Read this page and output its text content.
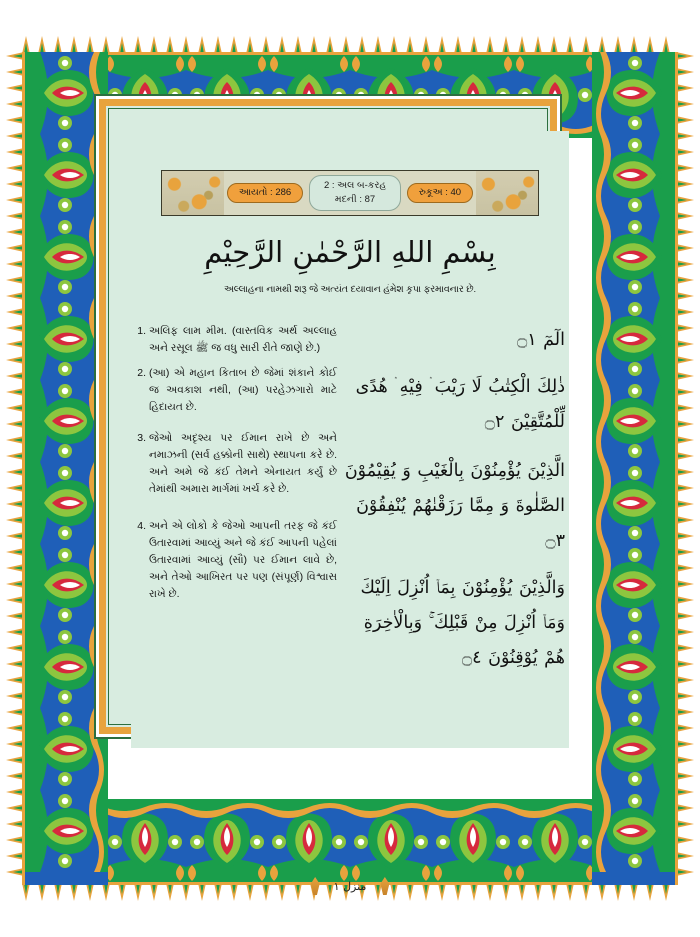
આયતો : 286
2 : અલ બ-કરહ
મદની : 87
રુકૂઅ : 40
بِسْمِ اللهِ الرَّحْمٰنِ الرَّحِيْمِ
અલ્લાહના નામથી શરૂ જે અત્યંત દયાવાન હંમેશ કૃપા ફરમાવનાર છે.
1. અલિફ લામ મીમ. (વાસ્તવિક અર્થ અલ્લાહ અને રસૂલ ﷺ જ વધુ સારી રીતે જાણે છે.)
2. (આ) એ મહાન કિતાબ છે જેમાં શંકાને કોઈ જ અવકાશ નથી, (આ) પરહેઝગારો માટે હિદાયત છે.
3. જેઓ અદૃશ્ય પર ઈમાન રાખે છે અને નમાઝની (સર્વ હક્કોની સાથે) સ્થાપના કરે છે. અને અમે જે કંઈ તેમને એનાયત કર્યું છે તેમાંથી અમારા માર્ગમાં ખર્ચ કરે છે.
4. અને એ લોકો કે જેઓ આપની તરફ જે કંઈ ઉતારવામાં આવ્યું અને જે કંઈ આપની પહેલાં ઉતારવામાં આવ્યું (સૌ) પર ઈમાન લાવે છે, અને તેઓ આખિરત પર પણ (સંપૂર્ણ) વિશ્વાસ રાખે છે.
الٓمٓ ۝١
ذٰلِكَ الْكِتٰبُ لَا رَيْبَ ۛ فِيْهِ ۛ هُدًى لِّلْمُتَّقِيْنَ ۝٢
الَّذِيْنَ يُؤْمِنُوْنَ بِالْغَيْبِ وَ يُقِيْمُوْنَ الصَّلٰوةَ وَ مِمَّا رَزَقْنٰهُمْ يُنْفِقُوْنَ ۝٣
وَالَّذِيْنَ يُؤْمِنُوْنَ بِمَاۤ اُنْزِلَ اِلَيْكَ وَمَاۤ اُنْزِلَ مِنْ قَبْلِكَ ۚ وَبِالْاٰخِرَةِ هُمْ يُوْقِنُوْنَ ۝٤
منزل ١
